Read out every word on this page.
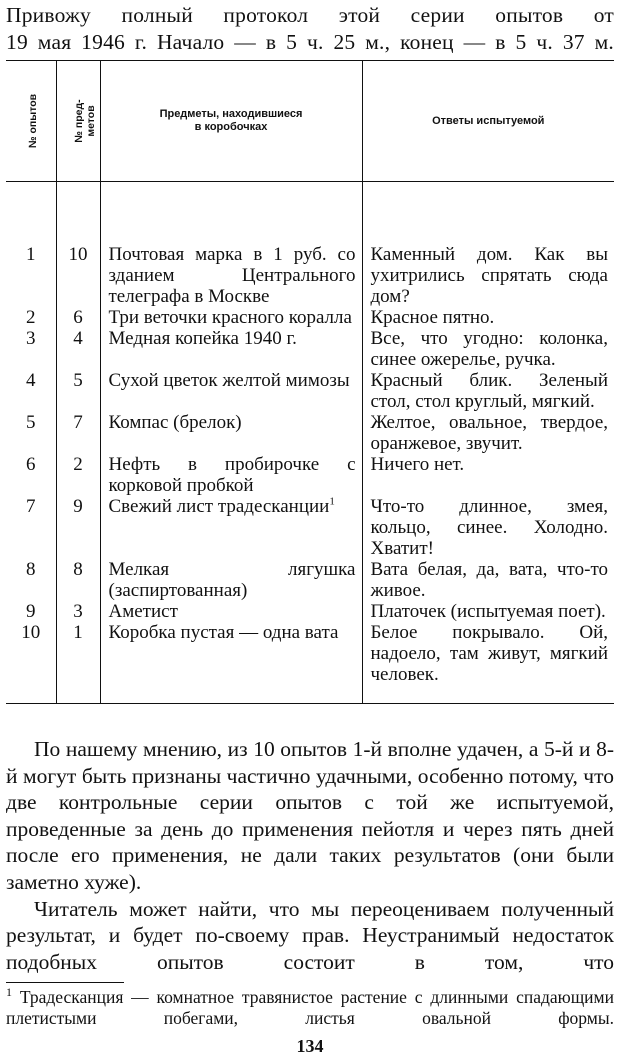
Привожу полный протокол этой серии опытов от
19 мая 1946 г. Начало — в 5 ч. 25 м., конец — в 5 ч. 37 м.
№ опытов	№ пред-метов	Предметы, находившиеся в коробочках	Ответы испытуемой
1	10	Почтовая марка в 1 руб. со зданием Центрального телеграфа в Москве	Каменный дом. Как вы ухитрились спрятать сюда дом?
2	6	Три веточки красного коралла	Красное пятно.
3	4	Медная копейка 1940 г.	Все, что угодно: колонка, синее ожерелье, ручка.
4	5	Сухой цветок желтой мимозы	Красный блик. Зеленый стол, стол круглый, мягкий.
5	7	Компас (брелок)	Желтое, овальное, твердое, оранжевое, звучит.
6	2	Нефть в пробирочке с корковой пробкой	Ничего нет.
7	9	Свежий лист традесканции$^1$	Что-то длинное, змея, кольцо, синее. Холодно. Хватит!
8	8	Мелкая лягушка (заспиртованная)	Вата белая, да, вата, что-то живое.
9	3	Аметист	Платочек (испытуемая поет).
10	1	Коробка пустая — одна вата	Белое покрывало. Ой, надоело, там живут, мягкий человек.

По нашему мнению, из 10 опытов 1-й вполне удачен, а 5-й и 8-й могут быть признаны частично удачными, особенно потому, что две контрольные серии опытов с той же испытуемой, проведенные за день до применения пейотля и через пять дней после его применения, не дали таких результатов (они были заметно хуже).

Читатель может найти, что мы переоцениваем полученный результат, и будет по-своему прав. Неустранимый недостаток подобных опытов состоит в том, что

$^1$ Традесканция — комнатное травянистое растение с длинными спадающими плетистыми побегами, листья овальной формы.
134
